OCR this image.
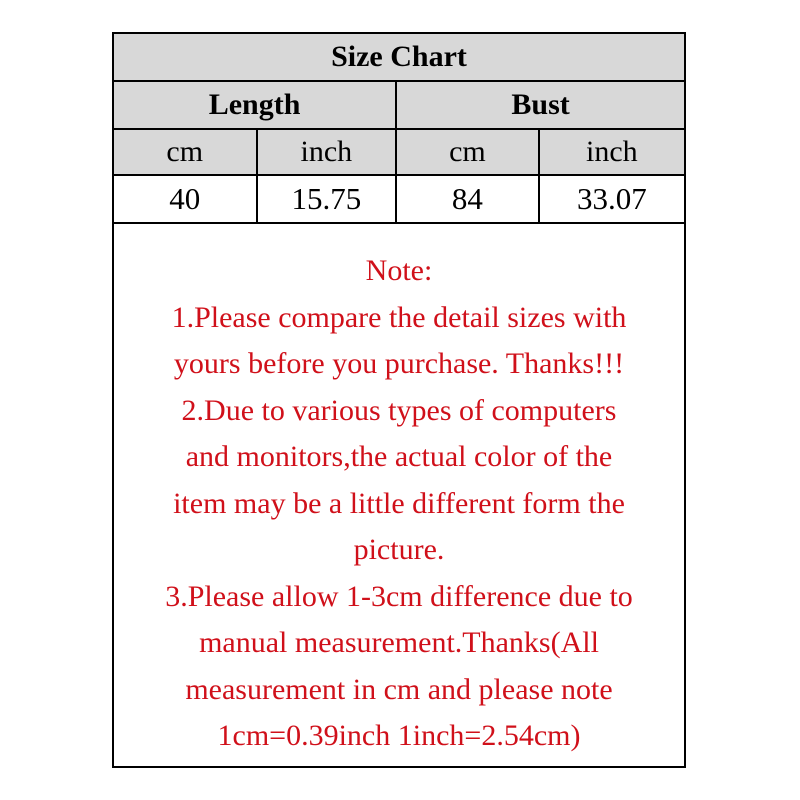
Size Chart			
Length		Bust	
cm	inch	cm	inch
40	15.75	84	33.07
Note:
1.Please compare the detail sizes with
yours before you purchase. Thanks!!!
2.Due to various types of computers
and monitors,the actual color of the
item may be a little different form the
picture.
3.Please allow 1-3cm difference due to
manual measurement.Thanks(All
measurement in cm and please note
1cm=0.39inch 1inch=2.54cm)
